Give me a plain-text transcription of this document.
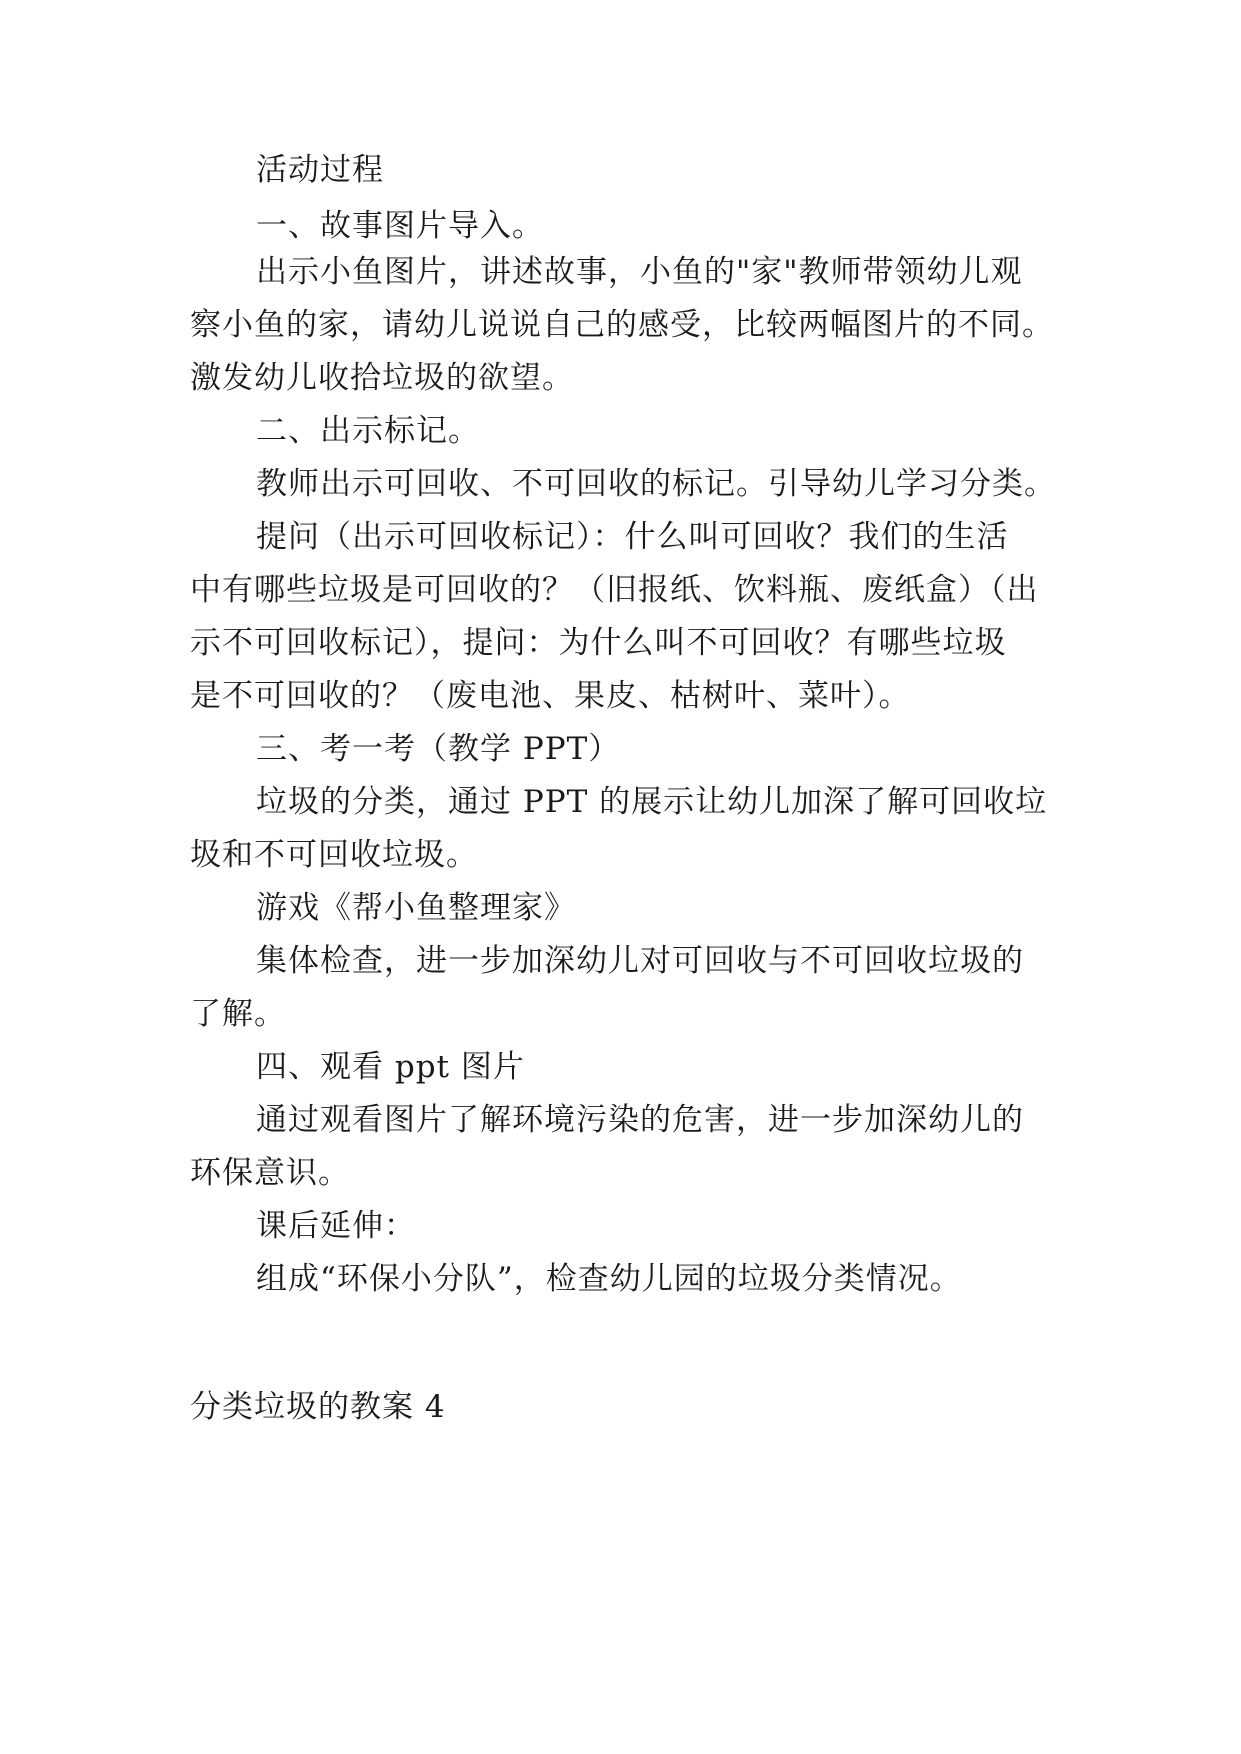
活动过程
一、故事图片导入。
出示小鱼图片，讲述故事，小鱼的"家"教师带领幼儿观
察小鱼的家，请幼儿说说自己的感受，比较两幅图片的不同。
激发幼儿收拾垃圾的欲望。
二、出示标记。
教师出示可回收、不可回收的标记。引导幼儿学习分类。
提问（出示可回收标记）：什么叫可回收？我们的生活
中有哪些垃圾是可回收的？（旧报纸、饮料瓶、废纸盒）（出
示不可回收标记），提问：为什么叫不可回收？有哪些垃圾
是不可回收的？（废电池、果皮、枯树叶、菜叶）。
三、考一考（教学 PPT）
垃圾的分类，通过 PPT 的展示让幼儿加深了解可回收垃
圾和不可回收垃圾。
游戏《帮小鱼整理家》
集体检查，进一步加深幼儿对可回收与不可回收垃圾的
了解。
四、观看 ppt 图片
通过观看图片了解环境污染的危害，进一步加深幼儿的
环保意识。
课后延伸：
组成“环保小分队”，检查幼儿园的垃圾分类情况。
分类垃圾的教案 4
